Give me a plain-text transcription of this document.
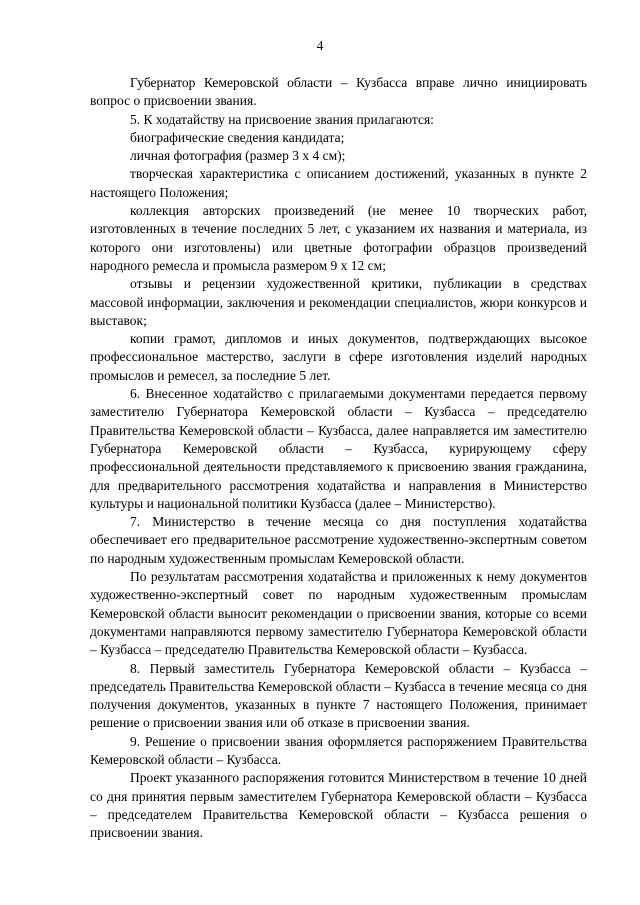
4

Губернатор Кемеровской области – Кузбасса вправе лично инициировать вопрос о присвоении звания.

5. К ходатайству на присвоение звания прилагаются:

биографические сведения кандидата;

личная фотография (размер 3 х 4 см);

творческая характеристика с описанием достижений, указанных в пункте 2 настоящего Положения;

коллекция авторских произведений (не менее 10 творческих работ, изготовленных в течение последних 5 лет, с указанием их названия и материала, из которого они изготовлены) или цветные фотографии образцов произведений народного ремесла и промысла размером 9 х 12 см;

отзывы и рецензии художественной критики, публикации в средствах массовой информации, заключения и рекомендации специалистов, жюри конкурсов и выставок;

копии грамот, дипломов и иных документов, подтверждающих высокое профессиональное мастерство, заслуги в сфере изготовления изделий народных промыслов и ремесел, за последние 5 лет.

6. Внесенное ходатайство с прилагаемыми документами передается первому заместителю Губернатора Кемеровской области – Кузбасса – председателю Правительства Кемеровской области – Кузбасса, далее направляется им заместителю Губернатора Кемеровской области – Кузбасса, курирующему сферу профессиональной деятельности представляемого к присвоению звания гражданина, для предварительного рассмотрения ходатайства и направления в Министерство культуры и национальной политики Кузбасса (далее – Министерство).

7. Министерство в течение месяца со дня поступления ходатайства обеспечивает его предварительное рассмотрение художественно-экспертным советом по народным художественным промыслам Кемеровской области.

По результатам рассмотрения ходатайства и приложенных к нему документов художественно-экспертный совет по народным художественным промыслам Кемеровской области выносит рекомендации о присвоении звания, которые со всеми документами направляются первому заместителю Губернатора Кемеровской области – Кузбасса – председателю Правительства Кемеровской области – Кузбасса.

8. Первый заместитель Губернатора Кемеровской области – Кузбасса – председатель Правительства Кемеровской области – Кузбасса в течение месяца со дня получения документов, указанных в пункте 7 настоящего Положения, принимает решение о присвоении звания или об отказе в присвоении звания.

9. Решение о присвоении звания оформляется распоряжением Правительства Кемеровской области – Кузбасса.

Проект указанного распоряжения готовится Министерством в течение 10 дней со дня принятия первым заместителем Губернатора Кемеровской области – Кузбасса – председателем Правительства Кемеровской области – Кузбасса решения о присвоении звания.
